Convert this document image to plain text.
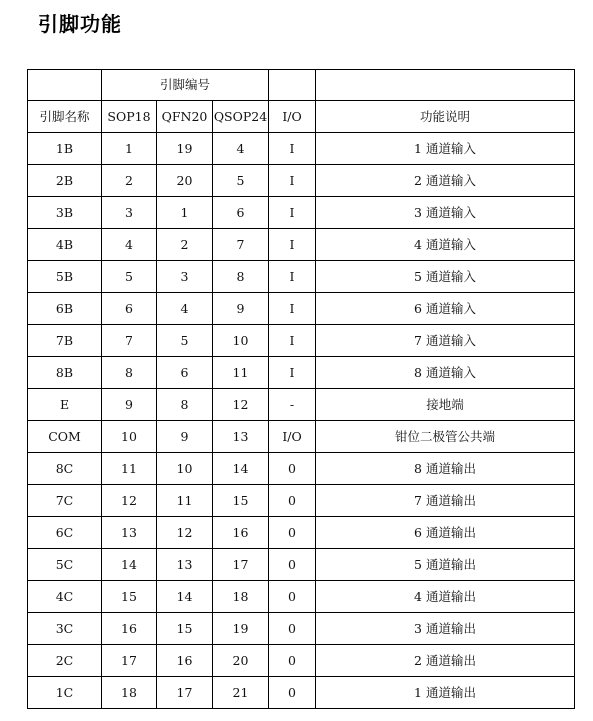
引脚功能
	引脚编号				
引脚名称	SOP18	QFN20	QSOP24	I/O	功能说明
1B	1	19	4	I	1 通道输入
2B	2	20	5	I	2 通道输入
3B	3	1	6	I	3 通道输入
4B	4	2	7	I	4 通道输入
5B	5	3	8	I	5 通道输入
6B	6	4	9	I	6 通道输入
7B	7	5	10	I	7 通道输入
8B	8	6	11	I	8 通道输入
E	9	8	12	-	接地端
COM	10	9	13	I/O	钳位二极管公共端
8C	11	10	14	0	8 通道输出
7C	12	11	15	0	7 通道输出
6C	13	12	16	0	6 通道输出
5C	14	13	17	0	5 通道输出
4C	15	14	18	0	4 通道输出
3C	16	15	19	0	3 通道输出
2C	17	16	20	0	2 通道输出
1C	18	17	21	0	1 通道输出
